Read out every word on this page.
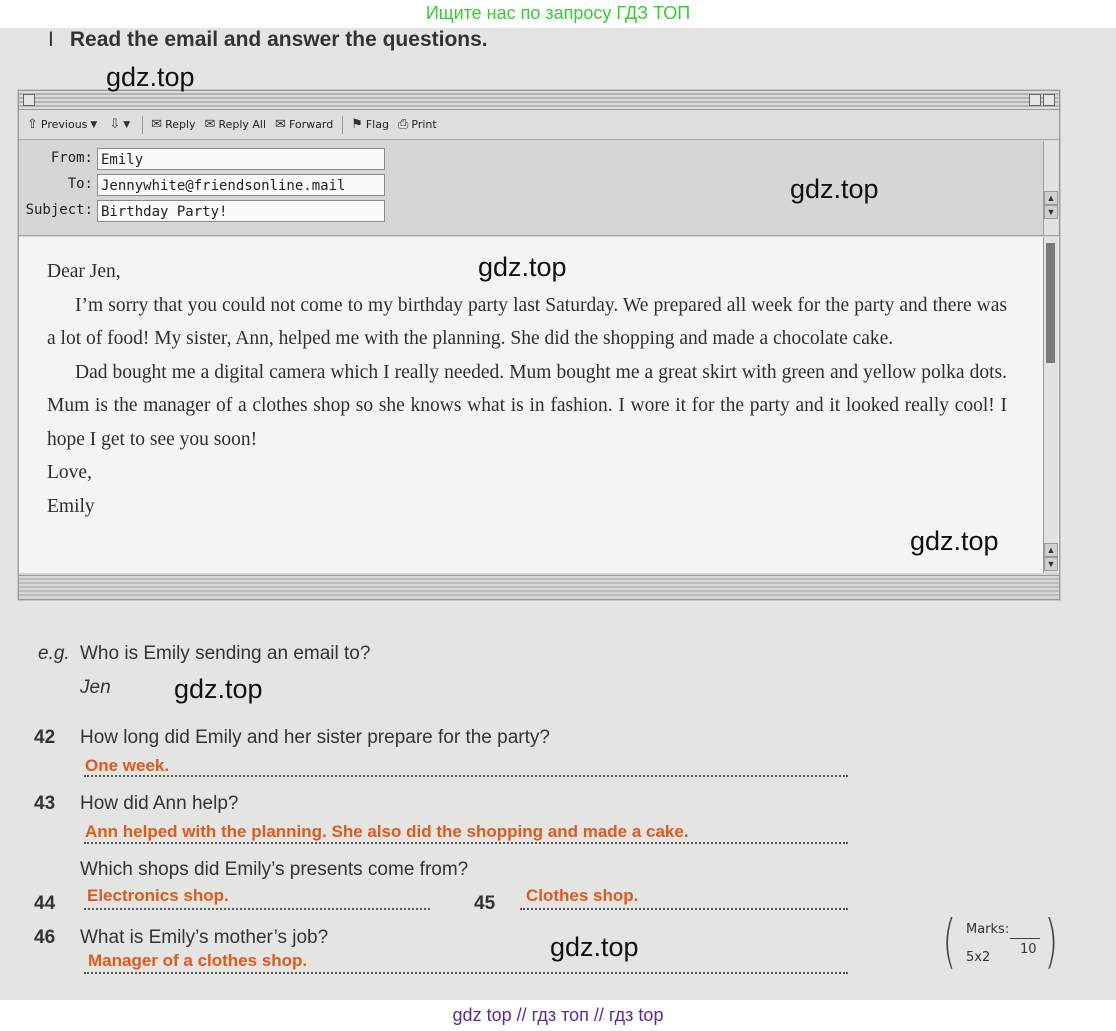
Ищите нас по запросу ГДЗ ТОП
I Read the email and answer the questions.
⇧ Previous ▼ ⇩ ▼ ✉ Reply ✉ Reply All ✉ Forward ⚑ Flag ⎙ Print
From: Emily
To: Jennywhite@friendsonline.mail
Subject: Birthday Party!
▲
▼

Dear Jen,

I’m sorry that you could not come to my birthday party last Saturday. We prepared all week for the party and there was a lot of food! My sister, Ann, helped me with the planning. She did the shopping and made a chocolate cake.

Dad bought me a digital camera which I really needed. Mum bought me a great skirt with green and yellow polka dots. Mum is the manager of a clothes shop so she knows what is in fashion. I wore it for the party and it looked really cool! I hope I get to see you soon!

Love,

Emily

▲
▼
e.g. Who is Emily sending an email to?
Jen
42 How long did Emily and her sister prepare for the party?
One week.
43 How did Ann help?
Ann helped with the planning. She also did the shopping and made a cake.
Which shops did Emily’s presents come from?
44 Electronics shop.	45 Clothes shop.
46 What is Emily’s mother’s job?
Manager of a clothes shop.	( Marks:
10
5x2 )
gdz.top
gdz.top
gdz.top
gdz.top
gdz.top
gdz.top
gdz top // гдз топ // гдз top
